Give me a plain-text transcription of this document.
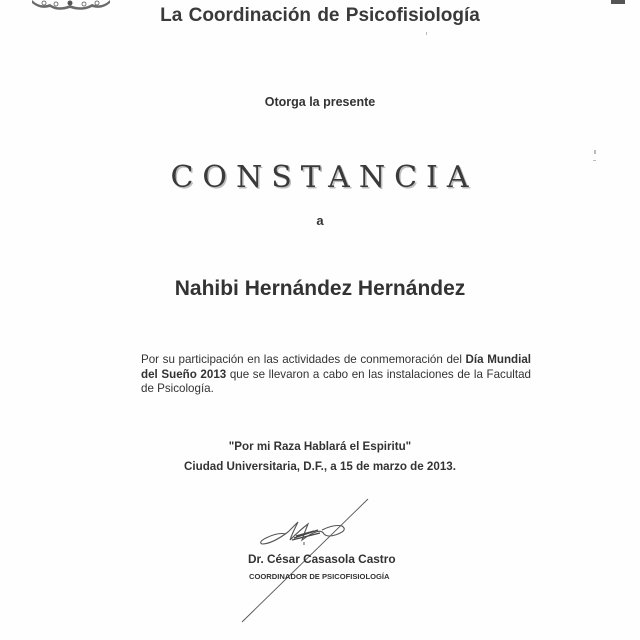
La Coordinación de Psicofisiología
Otorga la presente
CONSTANCIA
a
Nahibi Hernández Hernández
Por su participación en las actividades de conmemoración del Día Mundial del Sueño 2013 que se llevaron a cabo en las instalaciones de la Facultad de Psicología.
"Por mi Raza Hablará el Espiritu"
Ciudad Universitaria, D.F., a 15 de marzo de 2013.
Dr. César Casasola Castro
COORDINADOR DE PSICOFISIOLOGÍA
